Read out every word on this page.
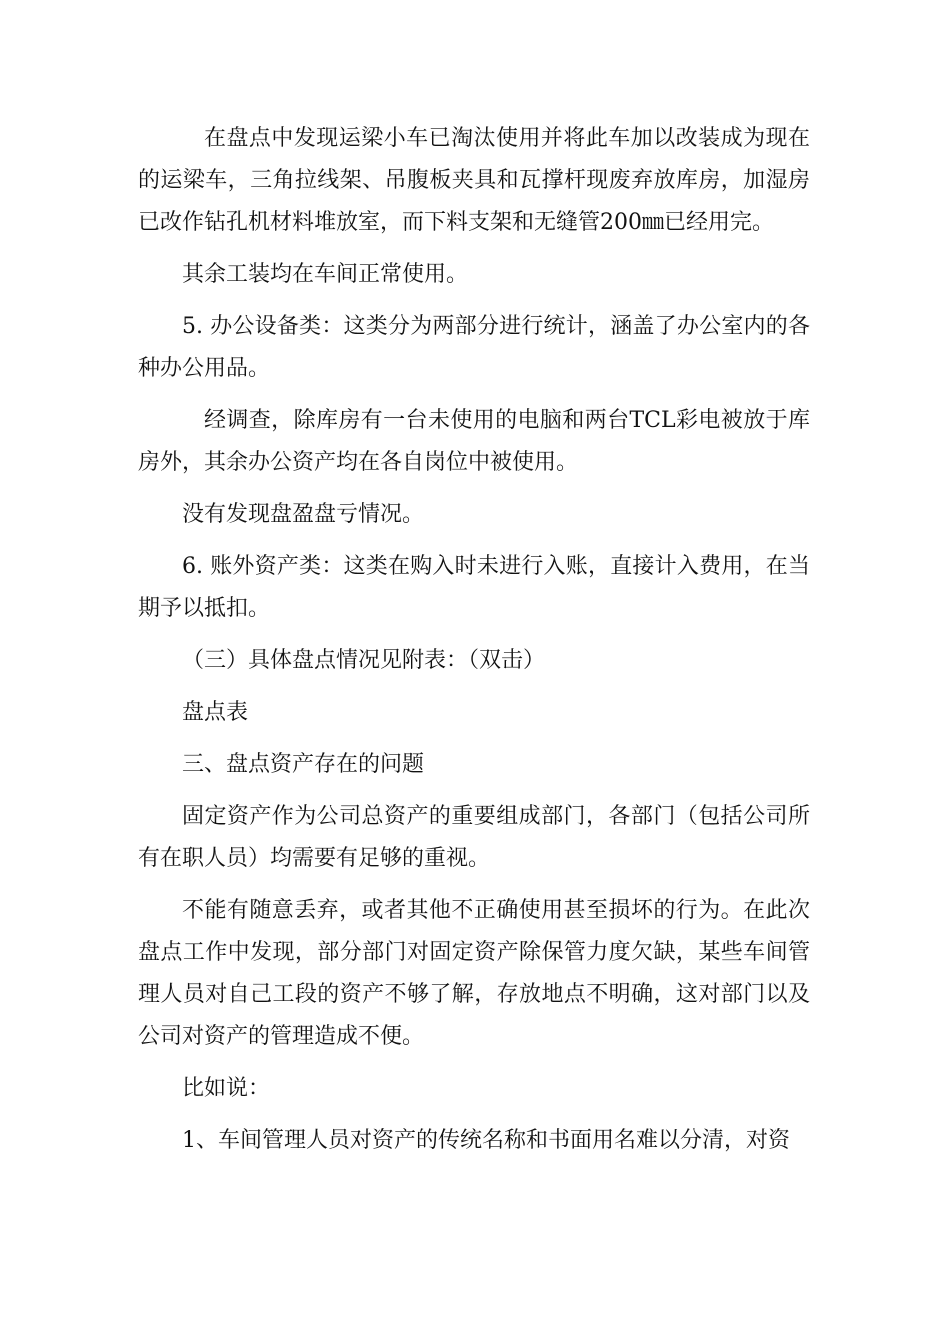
在盘点中发现运梁小车已淘汰使用并将此车加以改装成为现在的运梁车，三角拉线架、吊腹板夹具和瓦撑杆现废弃放库房，加湿房已改作钻孔机材料堆放室，而下料支架和无缝管200㎜已经用完。

其余工装均在车间正常使用。

5. 办公设备类：这类分为两部分进行统计，涵盖了办公室内的各种办公用品。

经调查，除库房有一台未使用的电脑和两台TCL彩电被放于库房外，其余办公资产均在各自岗位中被使用。

没有发现盘盈盘亏情况。

6. 账外资产类：这类在购入时未进行入账，直接计入费用，在当期予以抵扣。

（三）具体盘点情况见附表：（双击）

盘点表

三、盘点资产存在的问题

固定资产作为公司总资产的重要组成部门，各部门（包括公司所有在职人员）均需要有足够的重视。

不能有随意丢弃，或者其他不正确使用甚至损坏的行为。在此次盘点工作中发现，部分部门对固定资产除保管力度欠缺，某些车间管理人员对自己工段的资产不够了解，存放地点不明确，这对部门以及公司对资产的管理造成不便。

比如说：

1、车间管理人员对资产的传统名称和书面用名难以分清，对资
